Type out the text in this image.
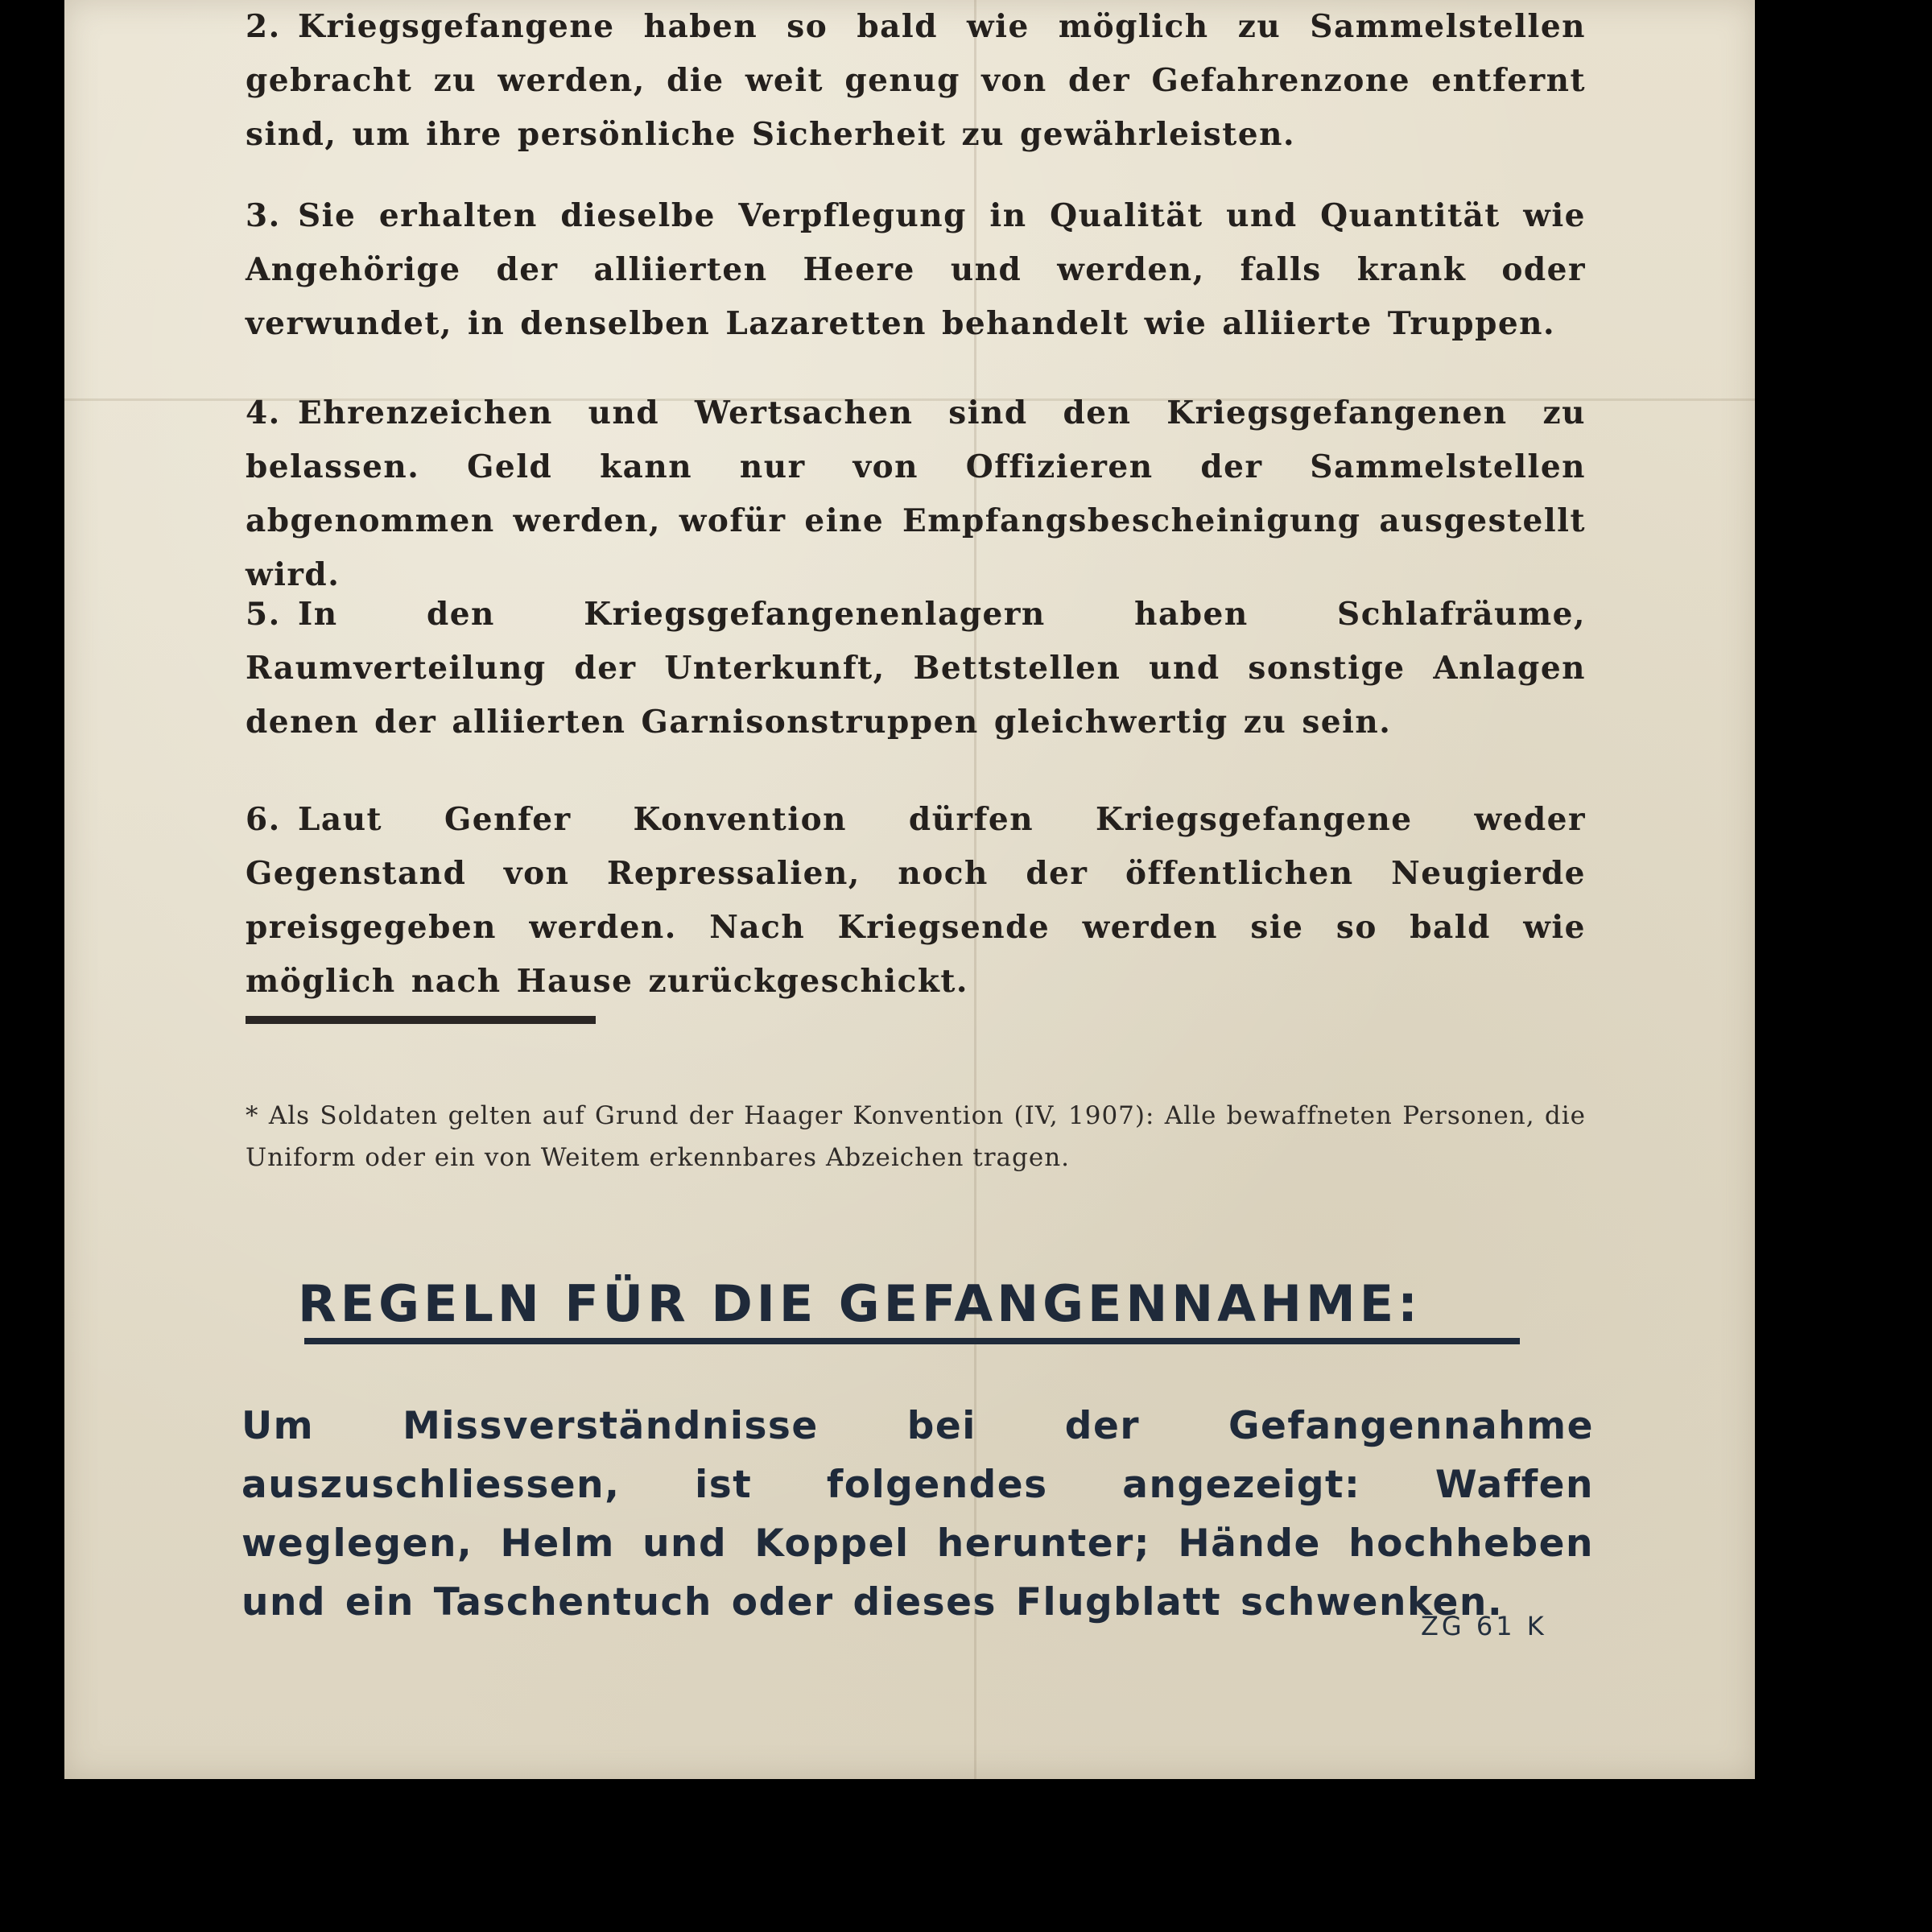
2. Kriegsgefangene haben so bald wie möglich zu Sammelstellen gebracht zu werden, die weit genug von der Gefahrenzone entfernt sind, um ihre persönliche Sicherheit zu gewährleisten.

3. Sie erhalten dieselbe Verpflegung in Qualität und Quantität wie Angehörige der alliierten Heere und werden, falls krank oder verwundet, in denselben Lazaretten behandelt wie alliierte Truppen.

4. Ehrenzeichen und Wertsachen sind den Kriegsgefangenen zu belassen. Geld kann nur von Offizieren der Sammelstellen abgenommen werden, wofür eine Empfangsbescheinigung ausgestellt wird.

5. In den Kriegsgefangenenlagern haben Schlafräume, Raumverteilung der Unterkunft, Bettstellen und sonstige Anlagen denen der alliierten Garnisonstruppen gleichwertig zu sein.

6. Laut Genfer Konvention dürfen Kriegsgefangene weder Gegenstand von Repressalien, noch der öffentlichen Neugierde preisgegeben werden. Nach Kriegsende werden sie so bald wie möglich nach Hause zurückgeschickt.

* Als Soldaten gelten auf Grund der Haager Konvention (IV, 1907): Alle bewaffneten Personen, die Uniform oder ein von Weitem erkennbares Abzeichen tragen.

REGELN FÜR DIE GEFANGENNAHME:

Um Missverständnisse bei der Gefangennahme auszuschliessen, ist folgendes angezeigt: Waffen weglegen, Helm und Koppel herunter; Hände hochheben und ein Taschentuch oder dieses Flugblatt schwenken.

ZG 61 K
